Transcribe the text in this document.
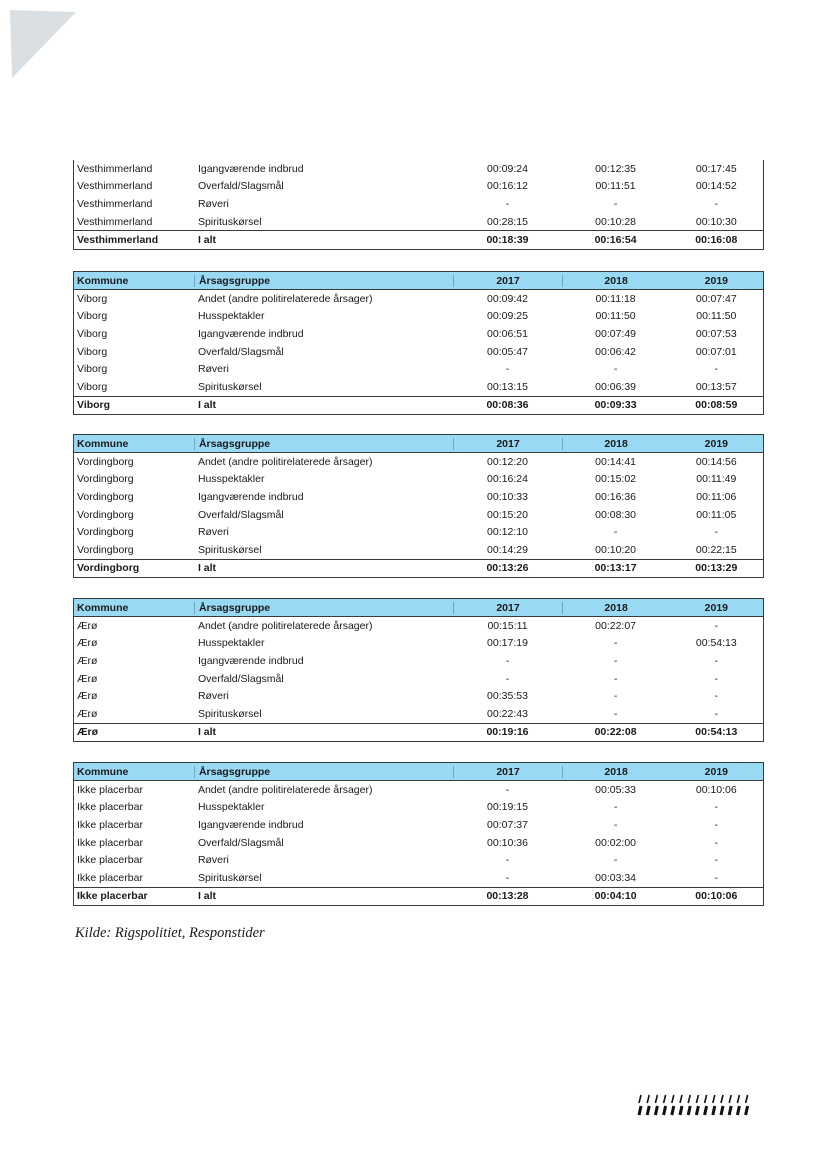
Vesthimmerland	Igangværende indbrud	00:09:24	00:12:35	00:17:45
Vesthimmerland	Overfald/Slagsmål	00:16:12	00:11:51	00:14:52
Vesthimmerland	Røveri	-	-	-
Vesthimmerland	Spirituskørsel	00:28:15	00:10:28	00:10:30
Vesthimmerland	I alt	00:18:39	00:16:54	00:16:08
Kommune	Årsagsgruppe	2017	2018	2019
Viborg	Andet (andre politirelaterede årsager)	00:09:42	00:11:18	00:07:47
Viborg	Husspektakler	00:09:25	00:11:50	00:11:50
Viborg	Igangværende indbrud	00:06:51	00:07:49	00:07:53
Viborg	Overfald/Slagsmål	00:05:47	00:06:42	00:07:01
Viborg	Røveri	-	-	-
Viborg	Spirituskørsel	00:13:15	00:06:39	00:13:57
Viborg	I alt	00:08:36	00:09:33	00:08:59
Kommune	Årsagsgruppe	2017	2018	2019
Vordingborg	Andet (andre politirelaterede årsager)	00:12:20	00:14:41	00:14:56
Vordingborg	Husspektakler	00:16:24	00:15:02	00:11:49
Vordingborg	Igangværende indbrud	00:10:33	00:16:36	00:11:06
Vordingborg	Overfald/Slagsmål	00:15:20	00:08:30	00:11:05
Vordingborg	Røveri	00:12:10	-	-
Vordingborg	Spirituskørsel	00:14:29	00:10:20	00:22:15
Vordingborg	I alt	00:13:26	00:13:17	00:13:29
Kommune	Årsagsgruppe	2017	2018	2019
Ærø	Andet (andre politirelaterede årsager)	00:15:11	00:22:07	-
Ærø	Husspektakler	00:17:19	-	00:54:13
Ærø	Igangværende indbrud	-	-	-
Ærø	Overfald/Slagsmål	-	-	-
Ærø	Røveri	00:35:53	-	-
Ærø	Spirituskørsel	00:22:43	-	-
Ærø	I alt	00:19:16	00:22:08	00:54:13
Kommune	Årsagsgruppe	2017	2018	2019
Ikke placerbar	Andet (andre politirelaterede årsager)	-	00:05:33	00:10:06
Ikke placerbar	Husspektakler	00:19:15	-	-
Ikke placerbar	Igangværende indbrud	00:07:37	-	-
Ikke placerbar	Overfald/Slagsmål	00:10:36	00:02:00	-
Ikke placerbar	Røveri	-	-	-
Ikke placerbar	Spirituskørsel	-	00:03:34	-
Ikke placerbar	I alt	00:13:28	00:04:10	00:10:06
Kilde: Rigspolitiet, Responstider
